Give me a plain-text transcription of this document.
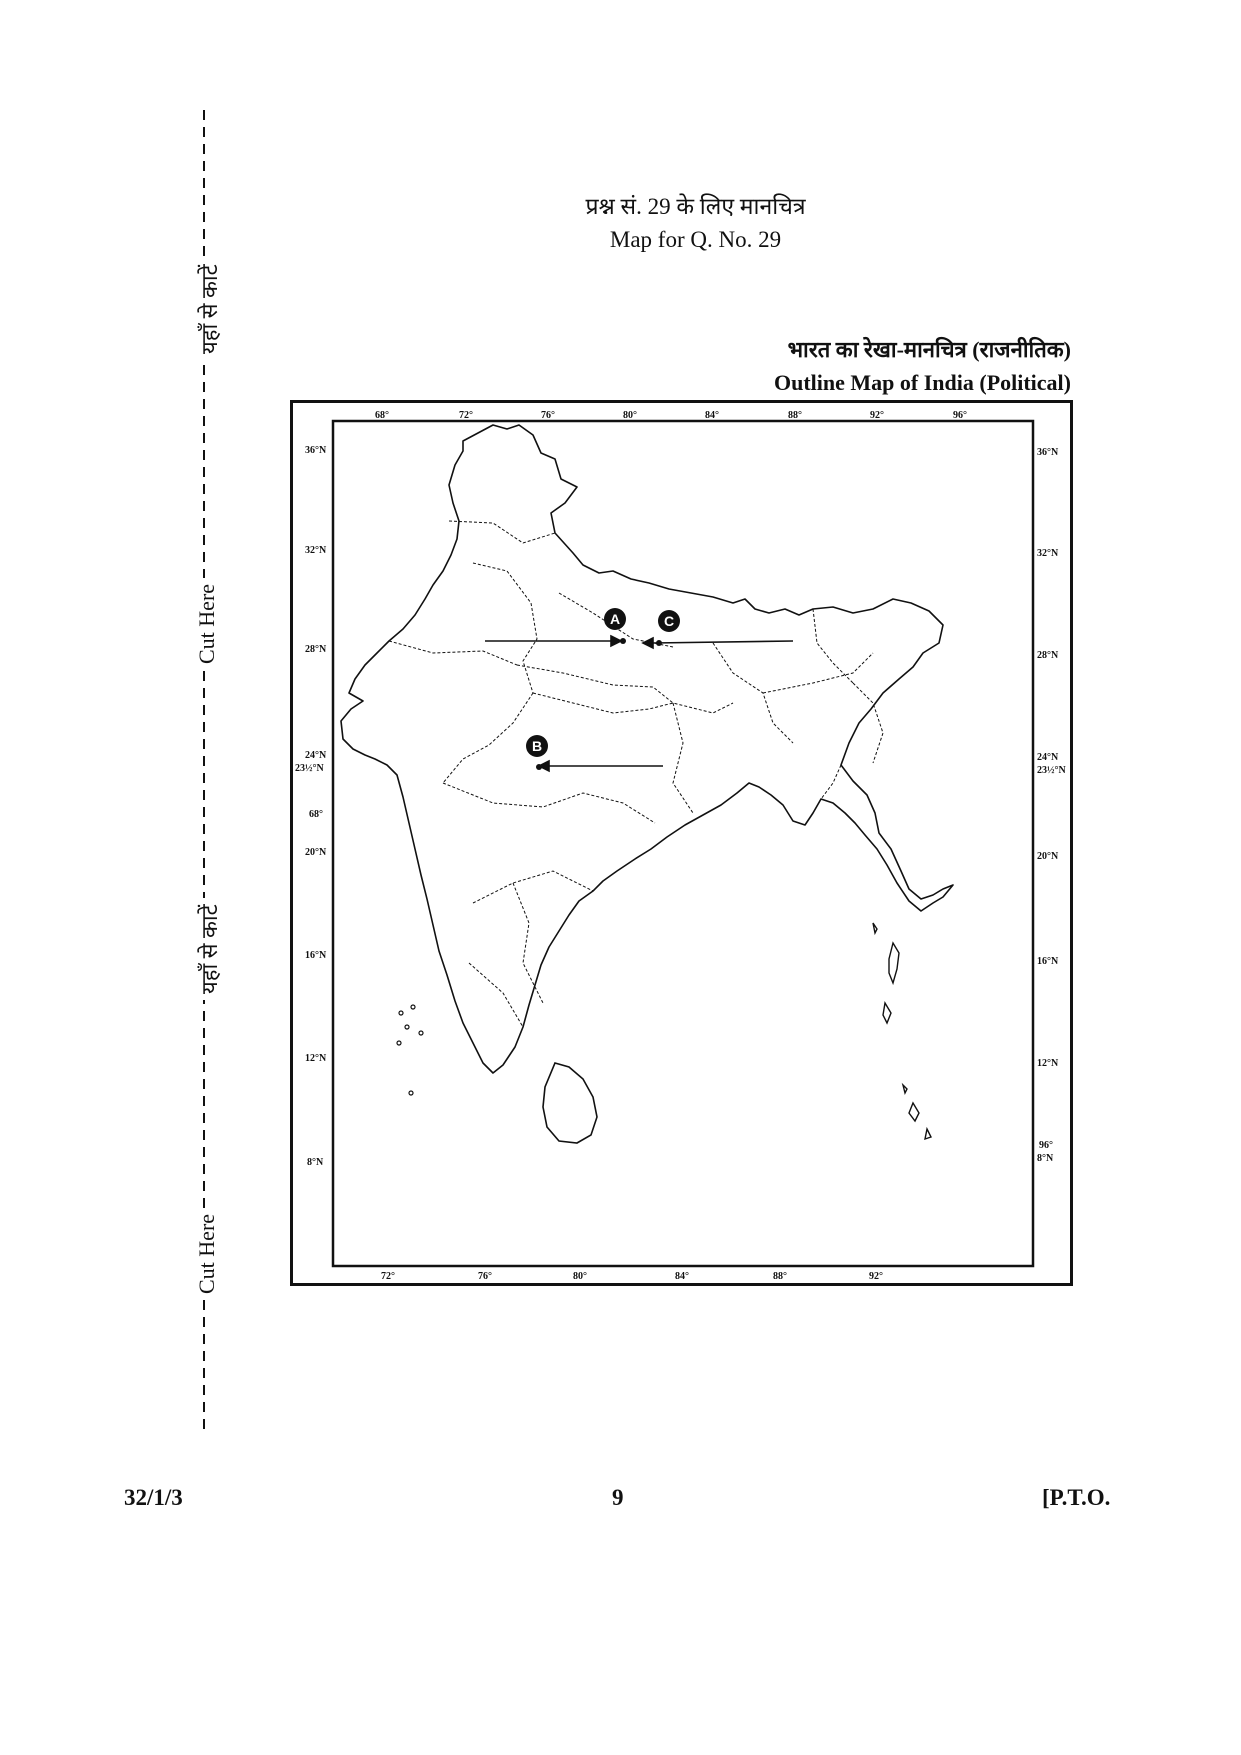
यहाँ से काटें
Cut Here
यहाँ से काटें
Cut Here
प्रश्न सं. 29 के लिए मानचित्र
Map for Q. No. 29
भारत का रेखा-मानचित्र (राजनीतिक)
Outline Map of India (Political)
68°	72°	76°	80°	84°	88°	92°	96°
72°	76°	80°	84°	88°	92°
36°N
32°N
28°N
24°N
23½°N
68°
20°N
16°N
12°N
8°N
36°N
32°N
28°N
24°N
23½°N
20°N
16°N
12°N
96°
8°N
A	C
B
32/1/3	9	[P.T.O.
